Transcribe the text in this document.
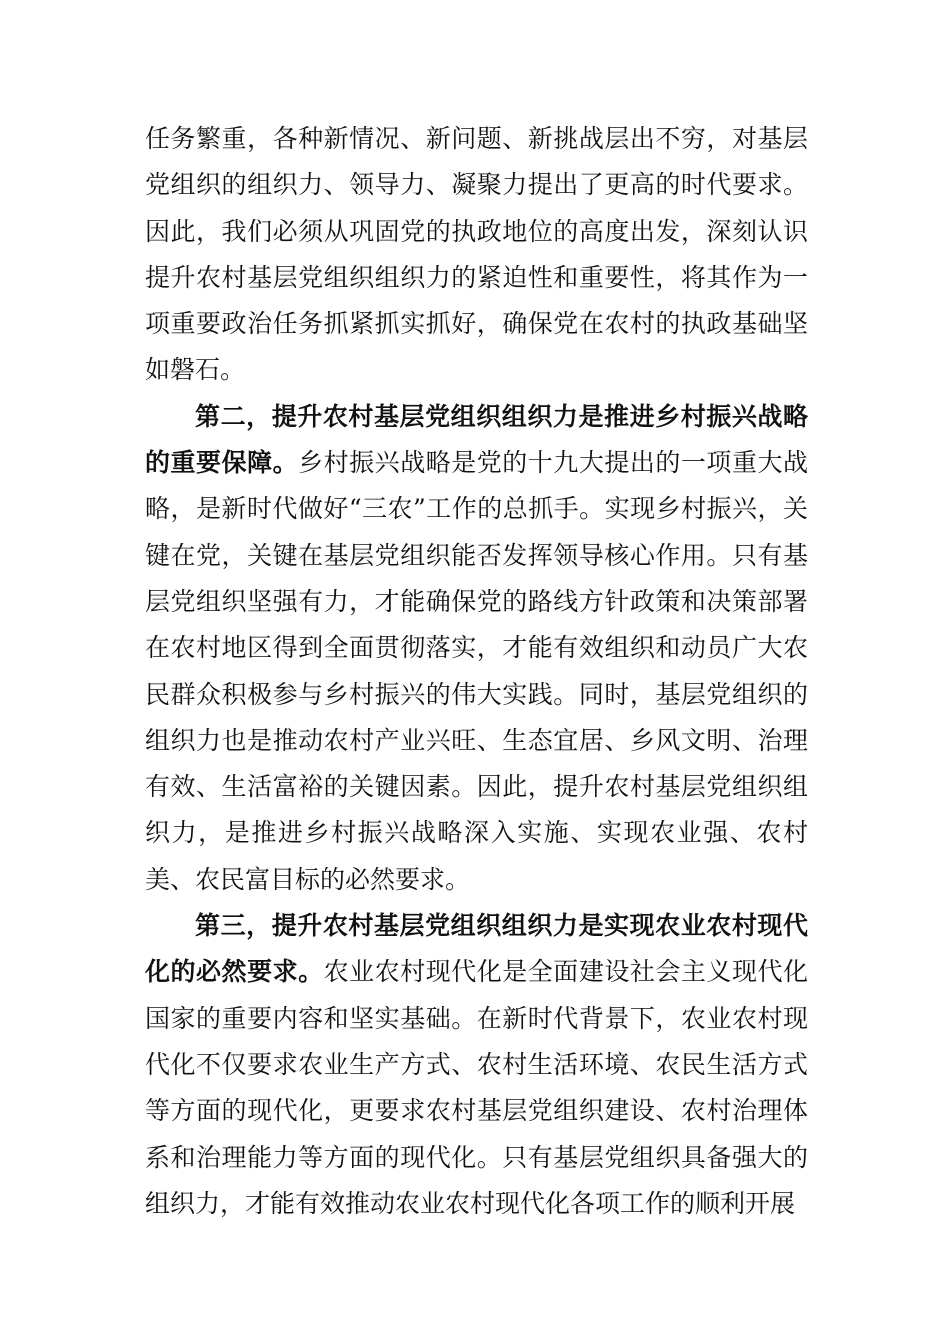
任务繁重，各种新情况、新问题、新挑战层出不穷，对基层党组织的组织力、领导力、凝聚力提出了更高的时代要求。因此，我们必须从巩固党的执政地位的高度出发，深刻认识提升农村基层党组织组织力的紧迫性和重要性，将其作为一项重要政治任务抓紧抓实抓好，确保党在农村的执政基础坚如磐石。

第二，提升农村基层党组织组织力是推进乡村振兴战略的重要保障。乡村振兴战略是党的十九大提出的一项重大战略，是新时代做好“三农”工作的总抓手。实现乡村振兴，关键在党，关键在基层党组织能否发挥领导核心作用。只有基层党组织坚强有力，才能确保党的路线方针政策和决策部署在农村地区得到全面贯彻落实，才能有效组织和动员广大农民群众积极参与乡村振兴的伟大实践。同时，基层党组织的组织力也是推动农村产业兴旺、生态宜居、乡风文明、治理有效、生活富裕的关键因素。因此，提升农村基层党组织组织力，是推进乡村振兴战略深入实施、实现农业强、农村美、农民富目标的必然要求。

第三，提升农村基层党组织组织力是实现农业农村现代化的必然要求。农业农村现代化是全面建设社会主义现代化国家的重要内容和坚实基础。在新时代背景下，农业农村现代化不仅要求农业生产方式、农村生活环境、农民生活方式等方面的现代化，更要求农村基层党组织建设、农村治理体系和治理能力等方面的现代化。只有基层党组织具备强大的组织力，才能有效推动农业农村现代化各项工作的顺利开展
